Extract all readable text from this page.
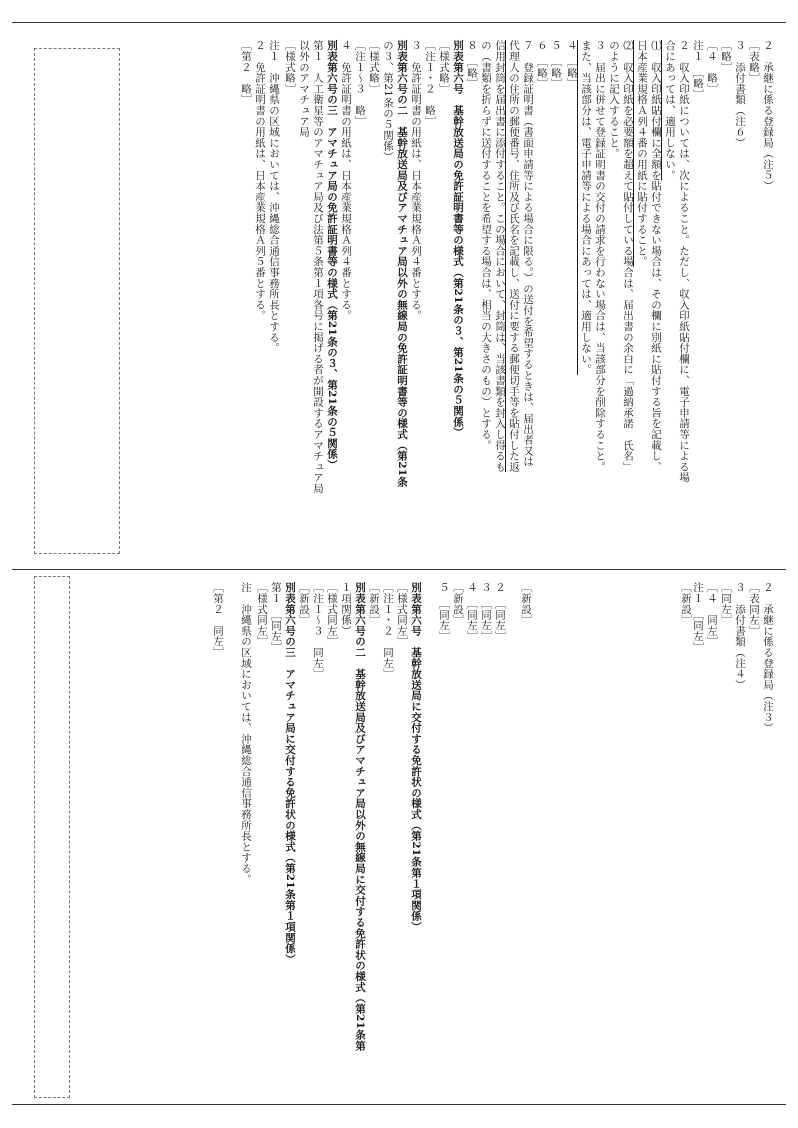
２　承継に係る登録局（注５）
［表略］
３　添付書類（注６）
［略］
［４　略］
注１　［略］
２　収入印紙については、次によること。ただし、収入印紙貼付欄に、電子申請等による場
合にあっては、適用しない。
⑴　収入印紙貼付欄に全額を貼付できない場合は、その欄に別紙に貼付する旨を記載し、
日本産業規格Ａ列４番の用紙に貼付すること。
⑵　収入印紙を必要額を超えて貼付している場合は、届出書の余白に「過納承諾　氏名」
のように記入すること。
３　届出に併せて登録証明書の交付の請求を行わない場合は、当該部分を削除すること。
また、当該部分は、電子申請等による場合にあっては、適用しない。
４　［略］
５　［略］
６　［略］
７　登録証明書（書面申請等による場合に限る。）の送付を希望するときは、届出者又は
代理人の住所の郵便番号、住所及び氏名を記載し、送付に要する郵便切手等を貼付した返
信用封筒を届出書に添付すること。この場合において、封筒は、当該書類を封入し得るも
の（書類を折らずに送付することを希望する場合は、相当の大きさのもの）とする。
８　［略］
別表第六号　基幹放送局の免許証明書等の様式（第21条の３、第21条の５関係）
［様式略］
［注１・２　略］
３　免許証明書の用紙は、日本産業規格Ａ列４番とする。
別表第六号の二　基幹放送局及びアマチュア局以外の無線局の免許証明書等の様式（第21条
の３、第21条の５関係）
［様式略］
［注１～３　略］
４　免許証明書の用紙は、日本産業規格Ａ列４番とする。
別表第六号の三　アマチュア局の免許証明書等の様式（第21条の３、第21条の５関係）
第１　人工衛星等のアマチュア局及び法第５条第１項各号に掲げる者が開設するアマチュア局
以外のアマチュア局
［様式略］
注１　沖縄県の区域においては、沖縄総合通信事務所長とする。
２　免許証明書の用紙は、日本産業規格Ａ列５番とする。
［第２　略］
２　承継に係る登録局（注３）
［表同左］
３　添付書類（注４）
［同左］
［４　同左］
注１　［同左］
［新設］
［新設］
２　［同左］
３　［同左］
４　［同左］
［新設］
５　［同左］
別表第六号　基幹放送局に交付する免許状の様式（第21条第１項関係）
［様式同左］
［注１・２　同左］
［新設］
別表第六号の二　基幹放送局及びアマチュア局以外の無線局に交付する免許状の様式（第21条第
１項関係）
［様式同左］
［注１～３　同左］
［新設］
別表第六号の三　アマチュア局に交付する免許状の様式（第21条第１項関係）
第１　［同左］
［様式同左］
注　沖縄県の区域においては、沖縄総合通信事務所長とする。
［第２　同左］
